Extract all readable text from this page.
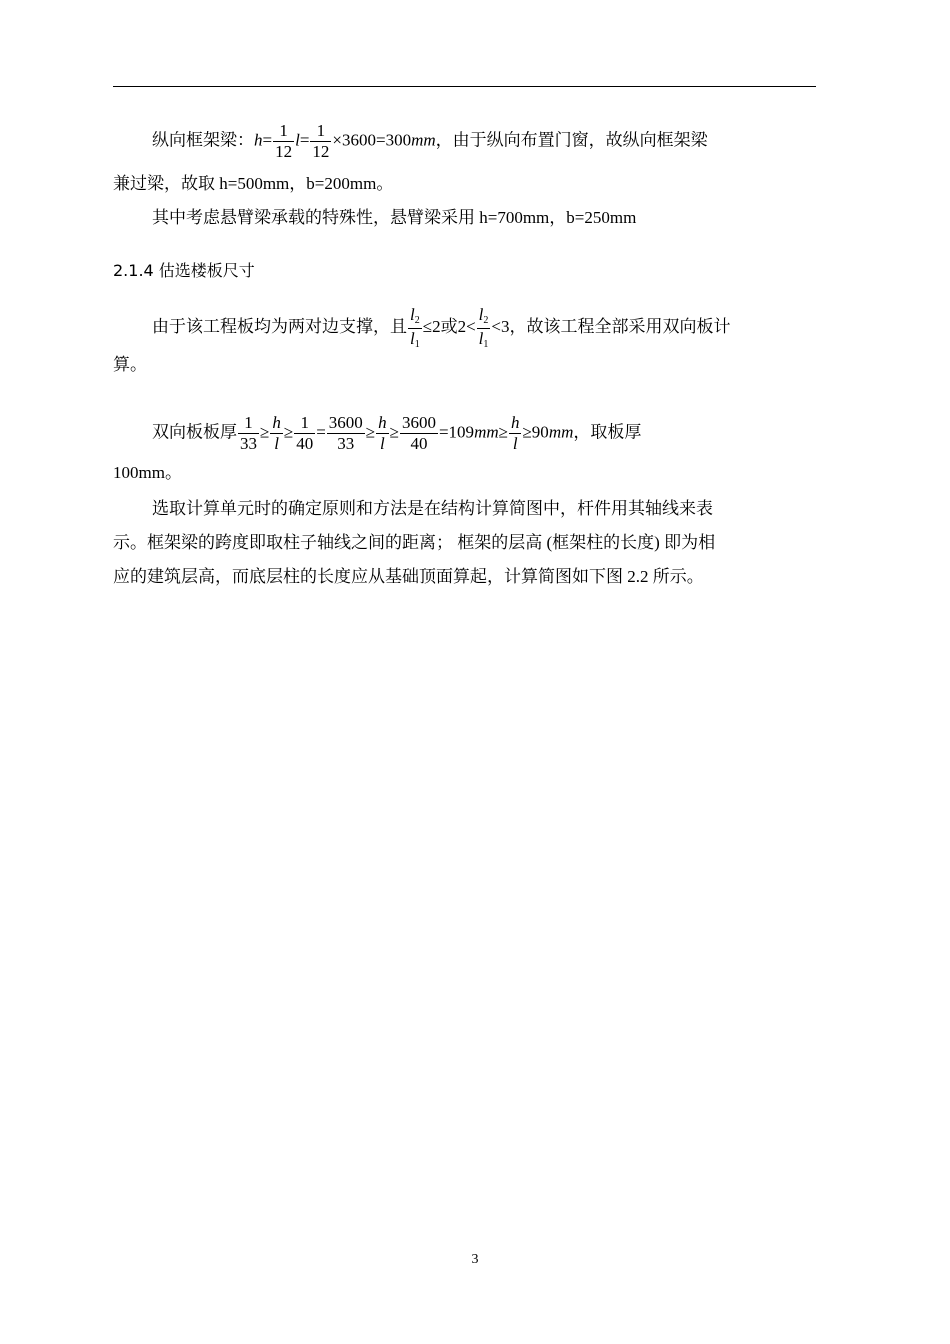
纵向框架梁：$h= \frac{1}{12} l= \frac{1}{12} \times 3600=300mm$，由于纵向布置门窗，故纵向框架梁
兼过梁，故取 h=500mm，b=200mm。
其中考虑悬臂梁承载的特殊性，悬臂梁采用 h=700mm，b=250mm
2.1.4 估选楼板尺寸
由于该工程板均为两对边支撑，且 $\frac{l_2}{l_1} \le 2$或$2< \frac{l_2}{l_1} <3$，故该工程全部采用双向板计
算。
双向板板厚 $\frac{1}{33} \ge \frac{h}{l} \ge \frac{1}{40} = \frac{3600}{33} \ge \frac{h}{l} \ge \frac{3600}{40} =109mm\ge \frac{h}{l} \ge 90mm$，取板厚
100mm。
选取计算单元时的确定原则和方法是在结构计算简图中，杆件用其轴线来表
示。框架梁的跨度即取柱子轴线之间的距离； 框架的层高 (框架柱的长度) 即为相
应的建筑层高，而底层柱的长度应从基础顶面算起，计算简图如下图 2.2 所示。
3
